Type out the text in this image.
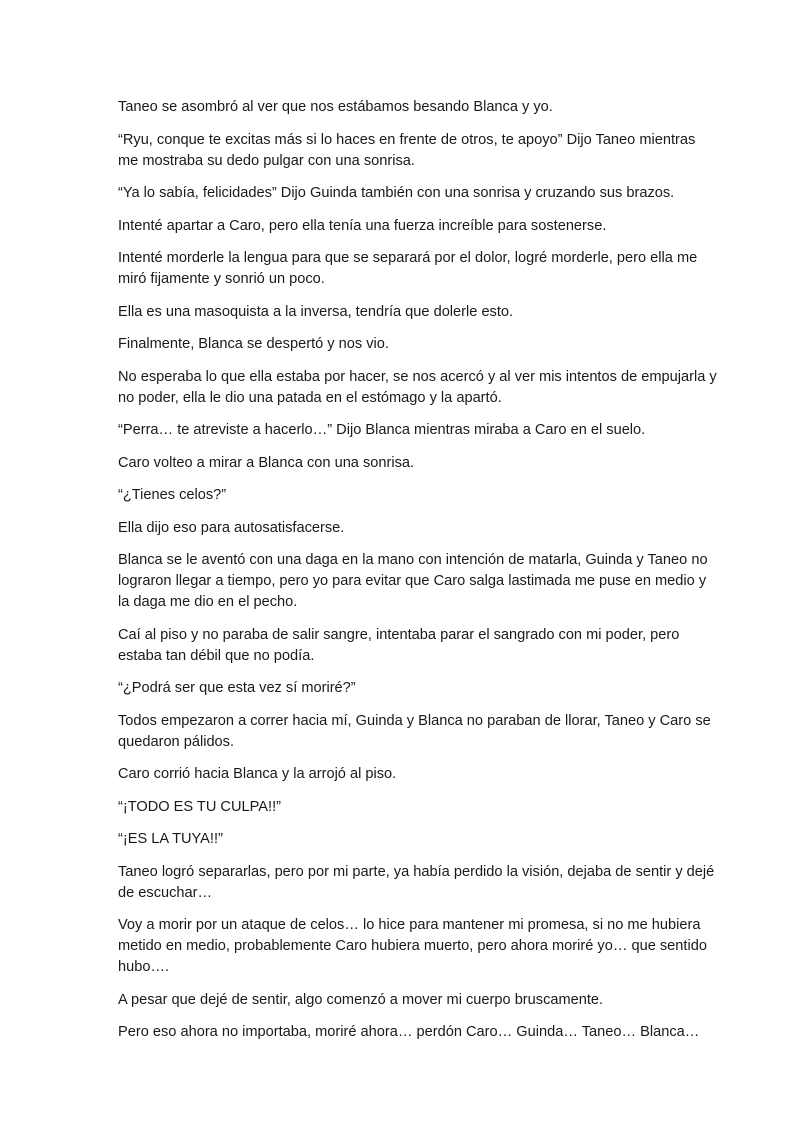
Taneo se asombró al ver que nos estábamos besando Blanca y yo.

“Ryu, conque te excitas más si lo haces en frente de otros, te apoyo” Dijo Taneo mientras me mostraba su dedo pulgar con una sonrisa.

“Ya lo sabía, felicidades” Dijo Guinda también con una sonrisa y cruzando sus brazos.

Intenté apartar a Caro, pero ella tenía una fuerza increíble para sostenerse.

Intenté morderle la lengua para que se separará por el dolor, logré morderle, pero ella me miró fijamente y sonrió un poco.

Ella es una masoquista a la inversa, tendría que dolerle esto.

Finalmente, Blanca se despertó y nos vio.

No esperaba lo que ella estaba por hacer, se nos acercó y al ver mis intentos de empujarla y no poder, ella le dio una patada en el estómago y la apartó.

“Perra… te atreviste a hacerlo…” Dijo Blanca mientras miraba a Caro en el suelo.

Caro volteo a mirar a Blanca con una sonrisa.

“¿Tienes celos?”

Ella dijo eso para autosatisfacerse.

Blanca se le aventó con una daga en la mano con intención de matarla, Guinda y Taneo no lograron llegar a tiempo, pero yo para evitar que Caro salga lastimada me puse en medio y la daga me dio en el pecho.

Caí al piso y no paraba de salir sangre, intentaba parar el sangrado con mi poder, pero estaba tan débil que no podía.

“¿Podrá ser que esta vez sí moriré?”

Todos empezaron a correr hacia mí, Guinda y Blanca no paraban de llorar, Taneo y Caro se quedaron pálidos.

Caro corrió hacia Blanca y la arrojó al piso.

“¡TODO ES TU CULPA!!”

“¡ES LA TUYA!!”

Taneo logró separarlas, pero por mi parte, ya había perdido la visión, dejaba de sentir y dejé de escuchar…

Voy a morir por un ataque de celos… lo hice para mantener mi promesa, si no me hubiera metido en medio, probablemente Caro hubiera muerto, pero ahora moriré yo… que sentido hubo….

A pesar que dejé de sentir, algo comenzó a mover mi cuerpo bruscamente.

Pero eso ahora no importaba, moriré ahora… perdón Caro… Guinda… Taneo… Blanca…
